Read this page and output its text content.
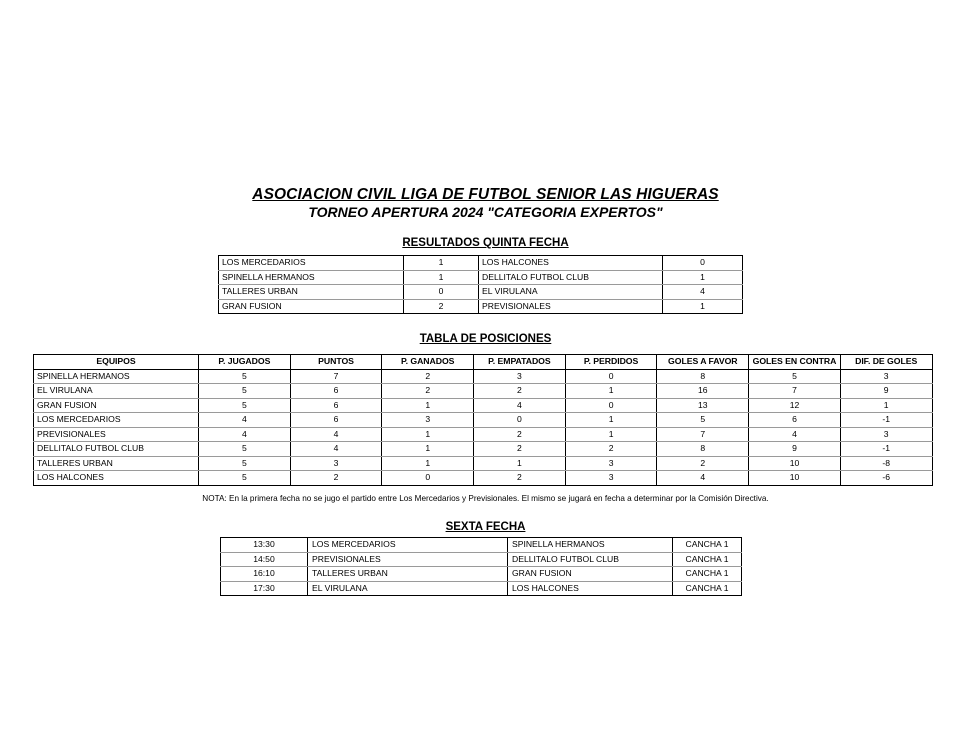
ASOCIACION CIVIL LIGA DE FUTBOL SENIOR LAS HIGUERAS
TORNEO APERTURA 2024 "CATEGORIA EXPERTOS"
RESULTADOS QUINTA FECHA
LOS MERCEDARIOS	1	LOS HALCONES	0
SPINELLA HERMANOS	1	DELLITALO FUTBOL CLUB	1
TALLERES URBAN	0	EL VIRULANA	4
GRAN FUSION	2	PREVISIONALES	1
TABLA DE POSICIONES
EQUIPOS	P. JUGADOS	PUNTOS	P. GANADOS	P. EMPATADOS	P. PERDIDOS	GOLES A FAVOR	GOLES EN CONTRA	DIF. DE GOLES
SPINELLA HERMANOS	5	7	2	3	0	8	5	3
EL VIRULANA	5	6	2	2	1	16	7	9
GRAN FUSION	5	6	1	4	0	13	12	1
LOS MERCEDARIOS	4	6	3	0	1	5	6	-1
PREVISIONALES	4	4	1	2	1	7	4	3
DELLITALO FUTBOL CLUB	5	4	1	2	2	8	9	-1
TALLERES URBAN	5	3	1	1	3	2	10	-8
LOS HALCONES	5	2	0	2	3	4	10	-6
NOTA: En la primera fecha no se jugo el partido entre Los Mercedarios y Previsionales. El mismo se jugará en fecha a determinar por la Comisión Directiva.
SEXTA FECHA
13:30	LOS MERCEDARIOS	SPINELLA HERMANOS	CANCHA 1
14:50	PREVISIONALES	DELLITALO FUTBOL CLUB	CANCHA 1
16:10	TALLERES URBAN	GRAN FUSION	CANCHA 1
17:30	EL VIRULANA	LOS HALCONES	CANCHA 1
